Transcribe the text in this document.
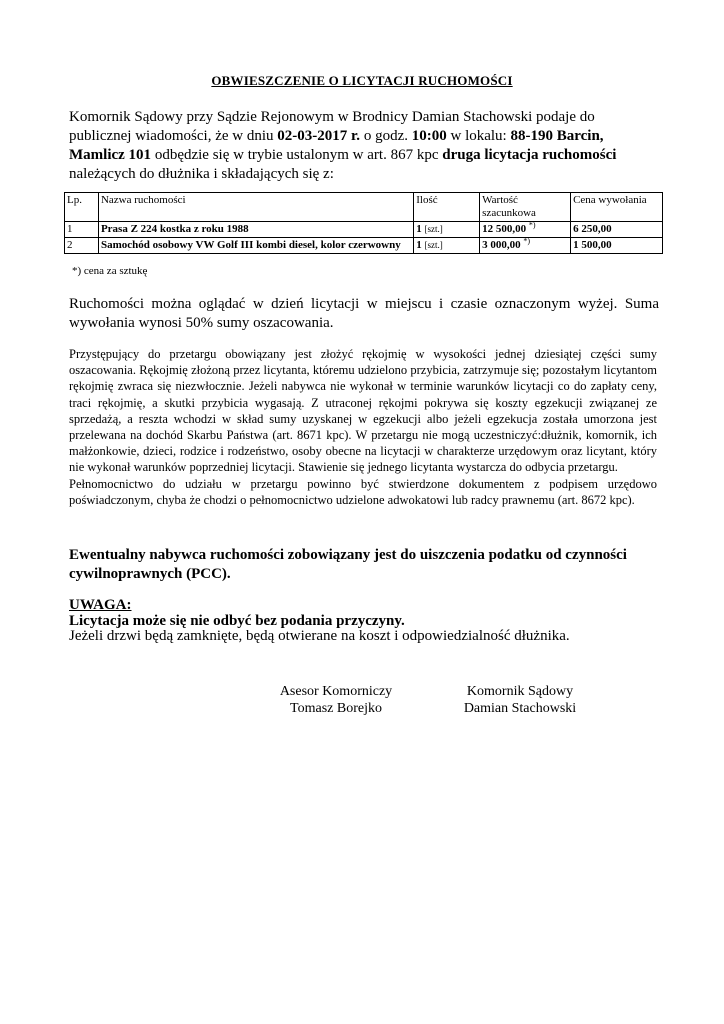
OBWIESZCZENIE O LICYTACJI RUCHOMOŚCI
Komornik Sądowy przy Sądzie Rejonowym w Brodnicy Damian Stachowski podaje do publicznej wiadomości, że w dniu 02-03-2017 r. o godz. 10:00 w lokalu: 88-190 Barcin, Mamlicz 101 odbędzie się w trybie ustalonym w art. 867 kpc druga licytacja ruchomości należących do dłużnika i składających się z:
Lp.	Nazwa ruchomości	Ilość	Wartość szacunkowa	Cena wywołania
1	Prasa Z 224 kostka z roku 1988	1 [szt.]	12 500,00 *)	6 250,00
2	Samochód osobowy VW Golf III kombi diesel, kolor czerwowny	1 [szt.]	3 000,00 *)	1 500,00
*) cena za sztukę
Ruchomości można oglądać w dzień licytacji w miejscu i czasie oznaczonym wyżej. Suma wywołania wynosi 50% sumy oszacowania.

Przystępujący do przetargu obowiązany jest złożyć rękojmię w wysokości jednej dziesiątej części sumy oszacowania. Rękojmię złożoną przez licytanta, któremu udzielono przybicia, zatrzymuje się; pozostałym licytantom rękojmię zwraca się niezwłocznie. Jeżeli nabywca nie wykonał w terminie warunków licytacji co do zapłaty ceny, traci rękojmię, a skutki przybicia wygasają. Z utraconej rękojmi pokrywa się koszty egzekucji związanej ze sprzedażą, a reszta wchodzi w skład sumy uzyskanej w egzekucji albo jeżeli egzekucja została umorzona jest przelewana na dochód Skarbu Państwa (art. 8671 kpc). W przetargu nie mogą uczestniczyć:dłużnik, komornik, ich małżonkowie, dzieci, rodzice i rodzeństwo, osoby obecne na licytacji w charakterze urzędowym oraz licytant, który nie wykonał warunków poprzedniej licytacji. Stawienie się jednego licytanta wystarcza do odbycia przetargu.

Pełnomocnictwo do udziału w przetargu powinno być stwierdzone dokumentem z podpisem urzędowo poświadczonym, chyba że chodzi o pełnomocnictwo udzielone adwokatowi lub radcy prawnemu (art. 8672 kpc).

Ewentualny nabywca ruchomości zobowiązany jest do uiszczenia podatku od czynności cywilnoprawnych (PCC).
UWAGA:
Licytacja może się nie odbyć bez podania przyczyny.
Jeżeli drzwi będą zamknięte, będą otwierane na koszt i odpowiedzialność dłużnika.
Asesor Komorniczy
Tomasz Borejko
Komornik Sądowy
Damian Stachowski
